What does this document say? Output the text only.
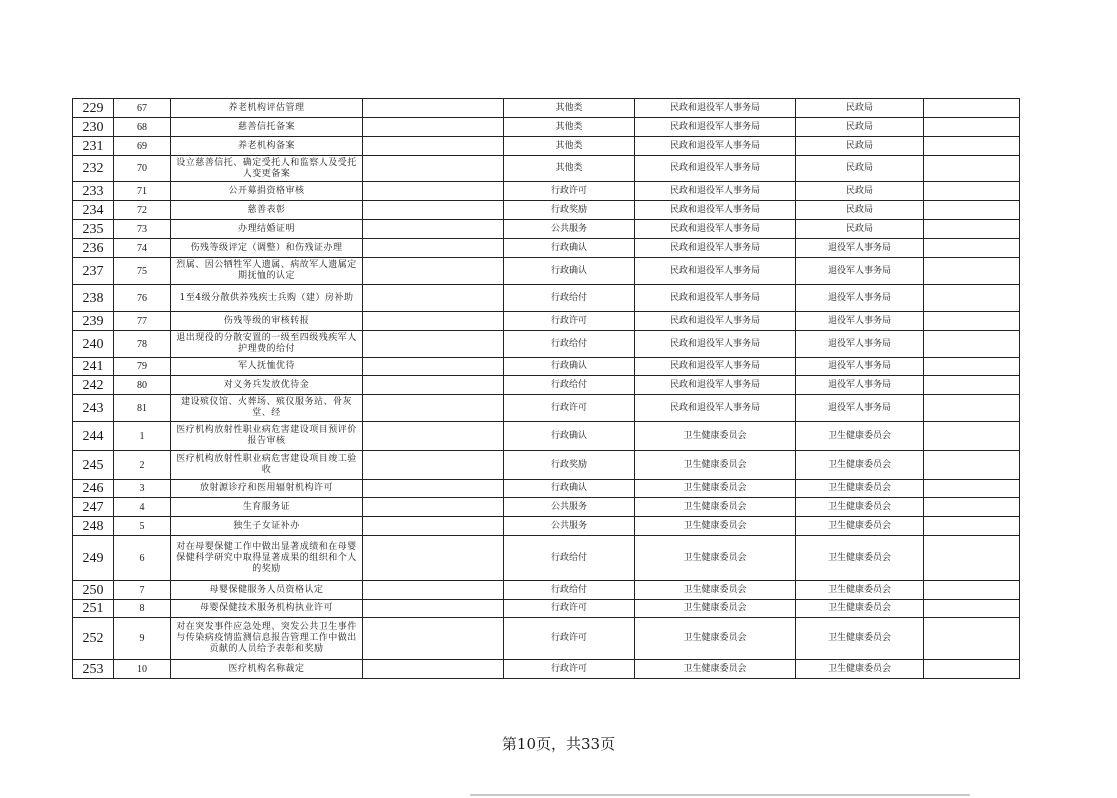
229	67	养老机构评估管理		其他类	民政和退役军人事务局	民政局	
230	68	慈善信托备案		其他类	民政和退役军人事务局	民政局	
231	69	养老机构备案		其他类	民政和退役军人事务局	民政局	
232	70	设立慈善信托、确定受托人和监察人及受托人变更备案		其他类	民政和退役军人事务局	民政局	
233	71	公开募捐资格审核		行政许可	民政和退役军人事务局	民政局	
234	72	慈善表彰		行政奖励	民政和退役军人事务局	民政局	
235	73	办理结婚证明		公共服务	民政和退役军人事务局	民政局	
236	74	伤残等级评定（调整）和伤残证办理		行政确认	民政和退役军人事务局	退役军人事务局	
237	75	烈属、因公牺牲军人遗属、病故军人遗属定期抚恤的认定		行政确认	民政和退役军人事务局	退役军人事务局	
238	76	1至4级分散供养残疾士兵购（建）房补助		行政给付	民政和退役军人事务局	退役军人事务局	
239	77	伤残等级的审核转报		行政许可	民政和退役军人事务局	退役军人事务局	
240	78	退出现役的分散安置的一级至四级残疾军人护理费的给付		行政给付	民政和退役军人事务局	退役军人事务局	
241	79	军人抚恤优待		行政确认	民政和退役军人事务局	退役军人事务局	
242	80	对义务兵发放优待金		行政给付	民政和退役军人事务局	退役军人事务局	
243	81	建设殡仪馆、火葬场、殡仪服务站、骨灰堂、经		行政许可	民政和退役军人事务局	退役军人事务局	
244	1	医疗机构放射性职业病危害建设项目预评价报告审核		行政确认	卫生健康委员会	卫生健康委员会	
245	2	医疗机构放射性职业病危害建设项目竣工验收		行政奖励	卫生健康委员会	卫生健康委员会	
246	3	放射源诊疗和医用辐射机构许可		行政确认	卫生健康委员会	卫生健康委员会	
247	4	生育服务证		公共服务	卫生健康委员会	卫生健康委员会	
248	5	独生子女证补办		公共服务	卫生健康委员会	卫生健康委员会	
249	6	对在母婴保健工作中做出显著成绩和在母婴保健科学研究中取得显著成果的组织和个人的奖励		行政给付	卫生健康委员会	卫生健康委员会	
250	7	母婴保健服务人员资格认定		行政给付	卫生健康委员会	卫生健康委员会	
251	8	母婴保健技术服务机构执业许可		行政许可	卫生健康委员会	卫生健康委员会	
252	9	对在突发事件应急处理、突发公共卫生事件与传染病疫情监测信息报告管理工作中做出贡献的人员给予表彰和奖励		行政许可	卫生健康委员会	卫生健康委员会	
253	10	医疗机构名称裁定		行政许可	卫生健康委员会	卫生健康委员会	
第10页，共33页
